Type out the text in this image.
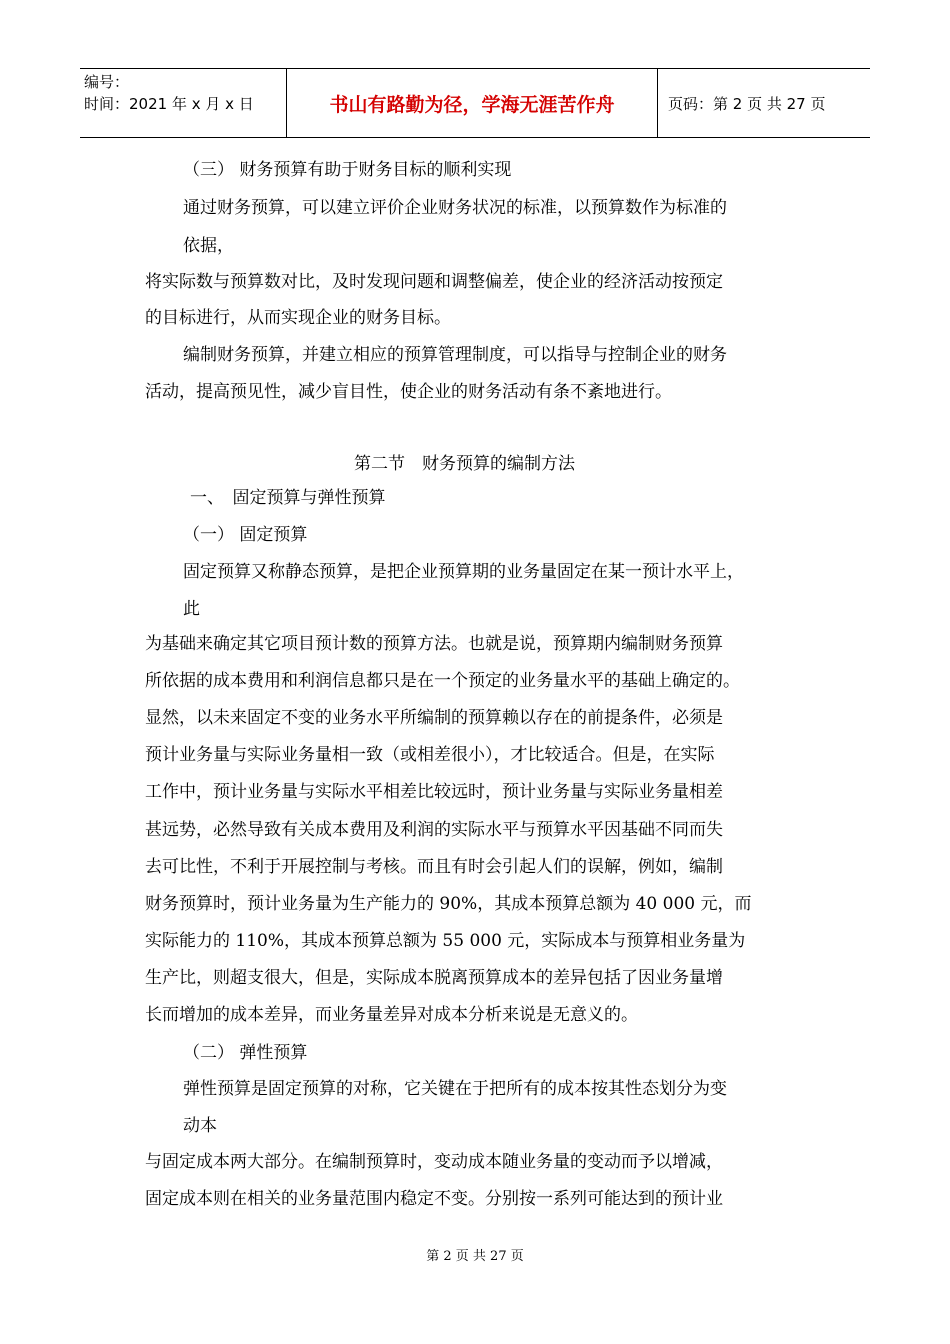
编号：
时间：2021 年 x 月 x 日	书山有路勤为径，学海无涯苦作舟	页码：第 2 页 共 27 页
（三） 财务预算有助于财务目标的顺利实现
通过财务预算，可以建立评价企业财务状况的标准，以预算数作为标准的
依据，
将实际数与预算数对比，及时发现问题和调整偏差，使企业的经济活动按预定
的目标进行，从而实现企业的财务目标。
编制财务预算，并建立相应的预算管理制度，可以指导与控制企业的财务
活动，提高预见性，减少盲目性，使企业的财务活动有条不紊地进行。
第二节　财务预算的编制方法
一、　固定预算与弹性预算
（一） 固定预算
固定预算又称静态预算，是把企业预算期的业务量固定在某一预计水平上，
此
为基础来确定其它项目预计数的预算方法。也就是说，预算期内编制财务预算
所依据的成本费用和利润信息都只是在一个预定的业务量水平的基础上确定的。
显然，以未来固定不变的业务水平所编制的预算赖以存在的前提条件，必须是
预计业务量与实际业务量相一致（或相差很小），才比较适合。但是，在实际
工作中，预计业务量与实际水平相差比较远时，预计业务量与实际业务量相差
甚远势，必然导致有关成本费用及利润的实际水平与预算水平因基础不同而失
去可比性，不利于开展控制与考核。而且有时会引起人们的误解，例如，编制
财务预算时，预计业务量为生产能力的 90%，其成本预算总额为 40 000 元，而
实际能力的 110%，其成本预算总额为 55 000 元，实际成本与预算相业务量为
生产比，则超支很大，但是，实际成本脱离预算成本的差异包括了因业务量增
长而增加的成本差异，而业务量差异对成本分析来说是无意义的。
（二） 弹性预算
弹性预算是固定预算的对称，它关键在于把所有的成本按其性态划分为变
动本
与固定成本两大部分。在编制预算时，变动成本随业务量的变动而予以增减，
固定成本则在相关的业务量范围内稳定不变。分别按一系列可能达到的预计业
第 2 页 共 27 页
